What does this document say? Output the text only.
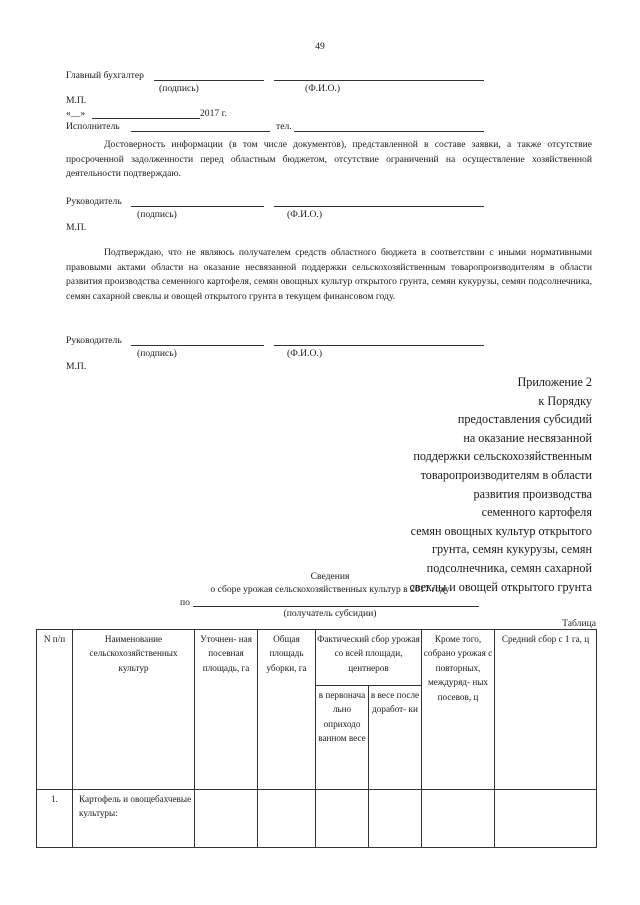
49
Главный бухгалтер
(подпись)	(Ф.И.О.)
М.П.
«__»	2017 г.
Исполнитель	тел.
Достоверность информации (в том числе документов), представленной в составе заявки, а также отсутствие просроченной задолженности перед областным бюджетом, отсутствие ограничений на осуществление хозяйственной деятельности подтверждаю.
Руководитель
(подпись)	(Ф.И.О.)
М.П.
Подтверждаю, что не являюсь получателем средств областного бюджета в соответствии с иными нормативными правовыми актами области на оказание несвязанной поддержки сельскохозяйственным товаропроизводителям в области развития производства семенного картофеля, семян овощных культур открытого грунта, семян кукурузы, семян подсолнечника, семян сахарной свеклы и овощей открытого грунта в текущем финансовом году.
Руководитель
(подпись)	(Ф.И.О.)
М.П.
Приложение 2
к Порядку
предоставления субсидий
на оказание несвязанной
поддержки сельскохозяйственным
товаропроизводителям в области
развития производства
семенного картофеля
семян овощных культур открытого
грунта, семян кукурузы, семян
подсолнечника, семян сахарной
свеклы и овощей открытого грунта
Сведения
о сборе урожая сельскохозяйственных культур в 2017 году
по
(получатель субсидии)
Таблица
N п/п	Наименование сельскохозяйственных культур	Уточнен- ная посевная площадь, га	Общая площадь уборки, га	Фактический сбор урожая со всей площади, центнеров		Кроме того, собрано урожая с повторных, междуряд- ных посевов, ц	Средний сбор с 1 га, ц
				в первонача льно оприходо ванном весе	в весе после доработ- ки		
1.	Картофель и овощебахчевые культуры:						
